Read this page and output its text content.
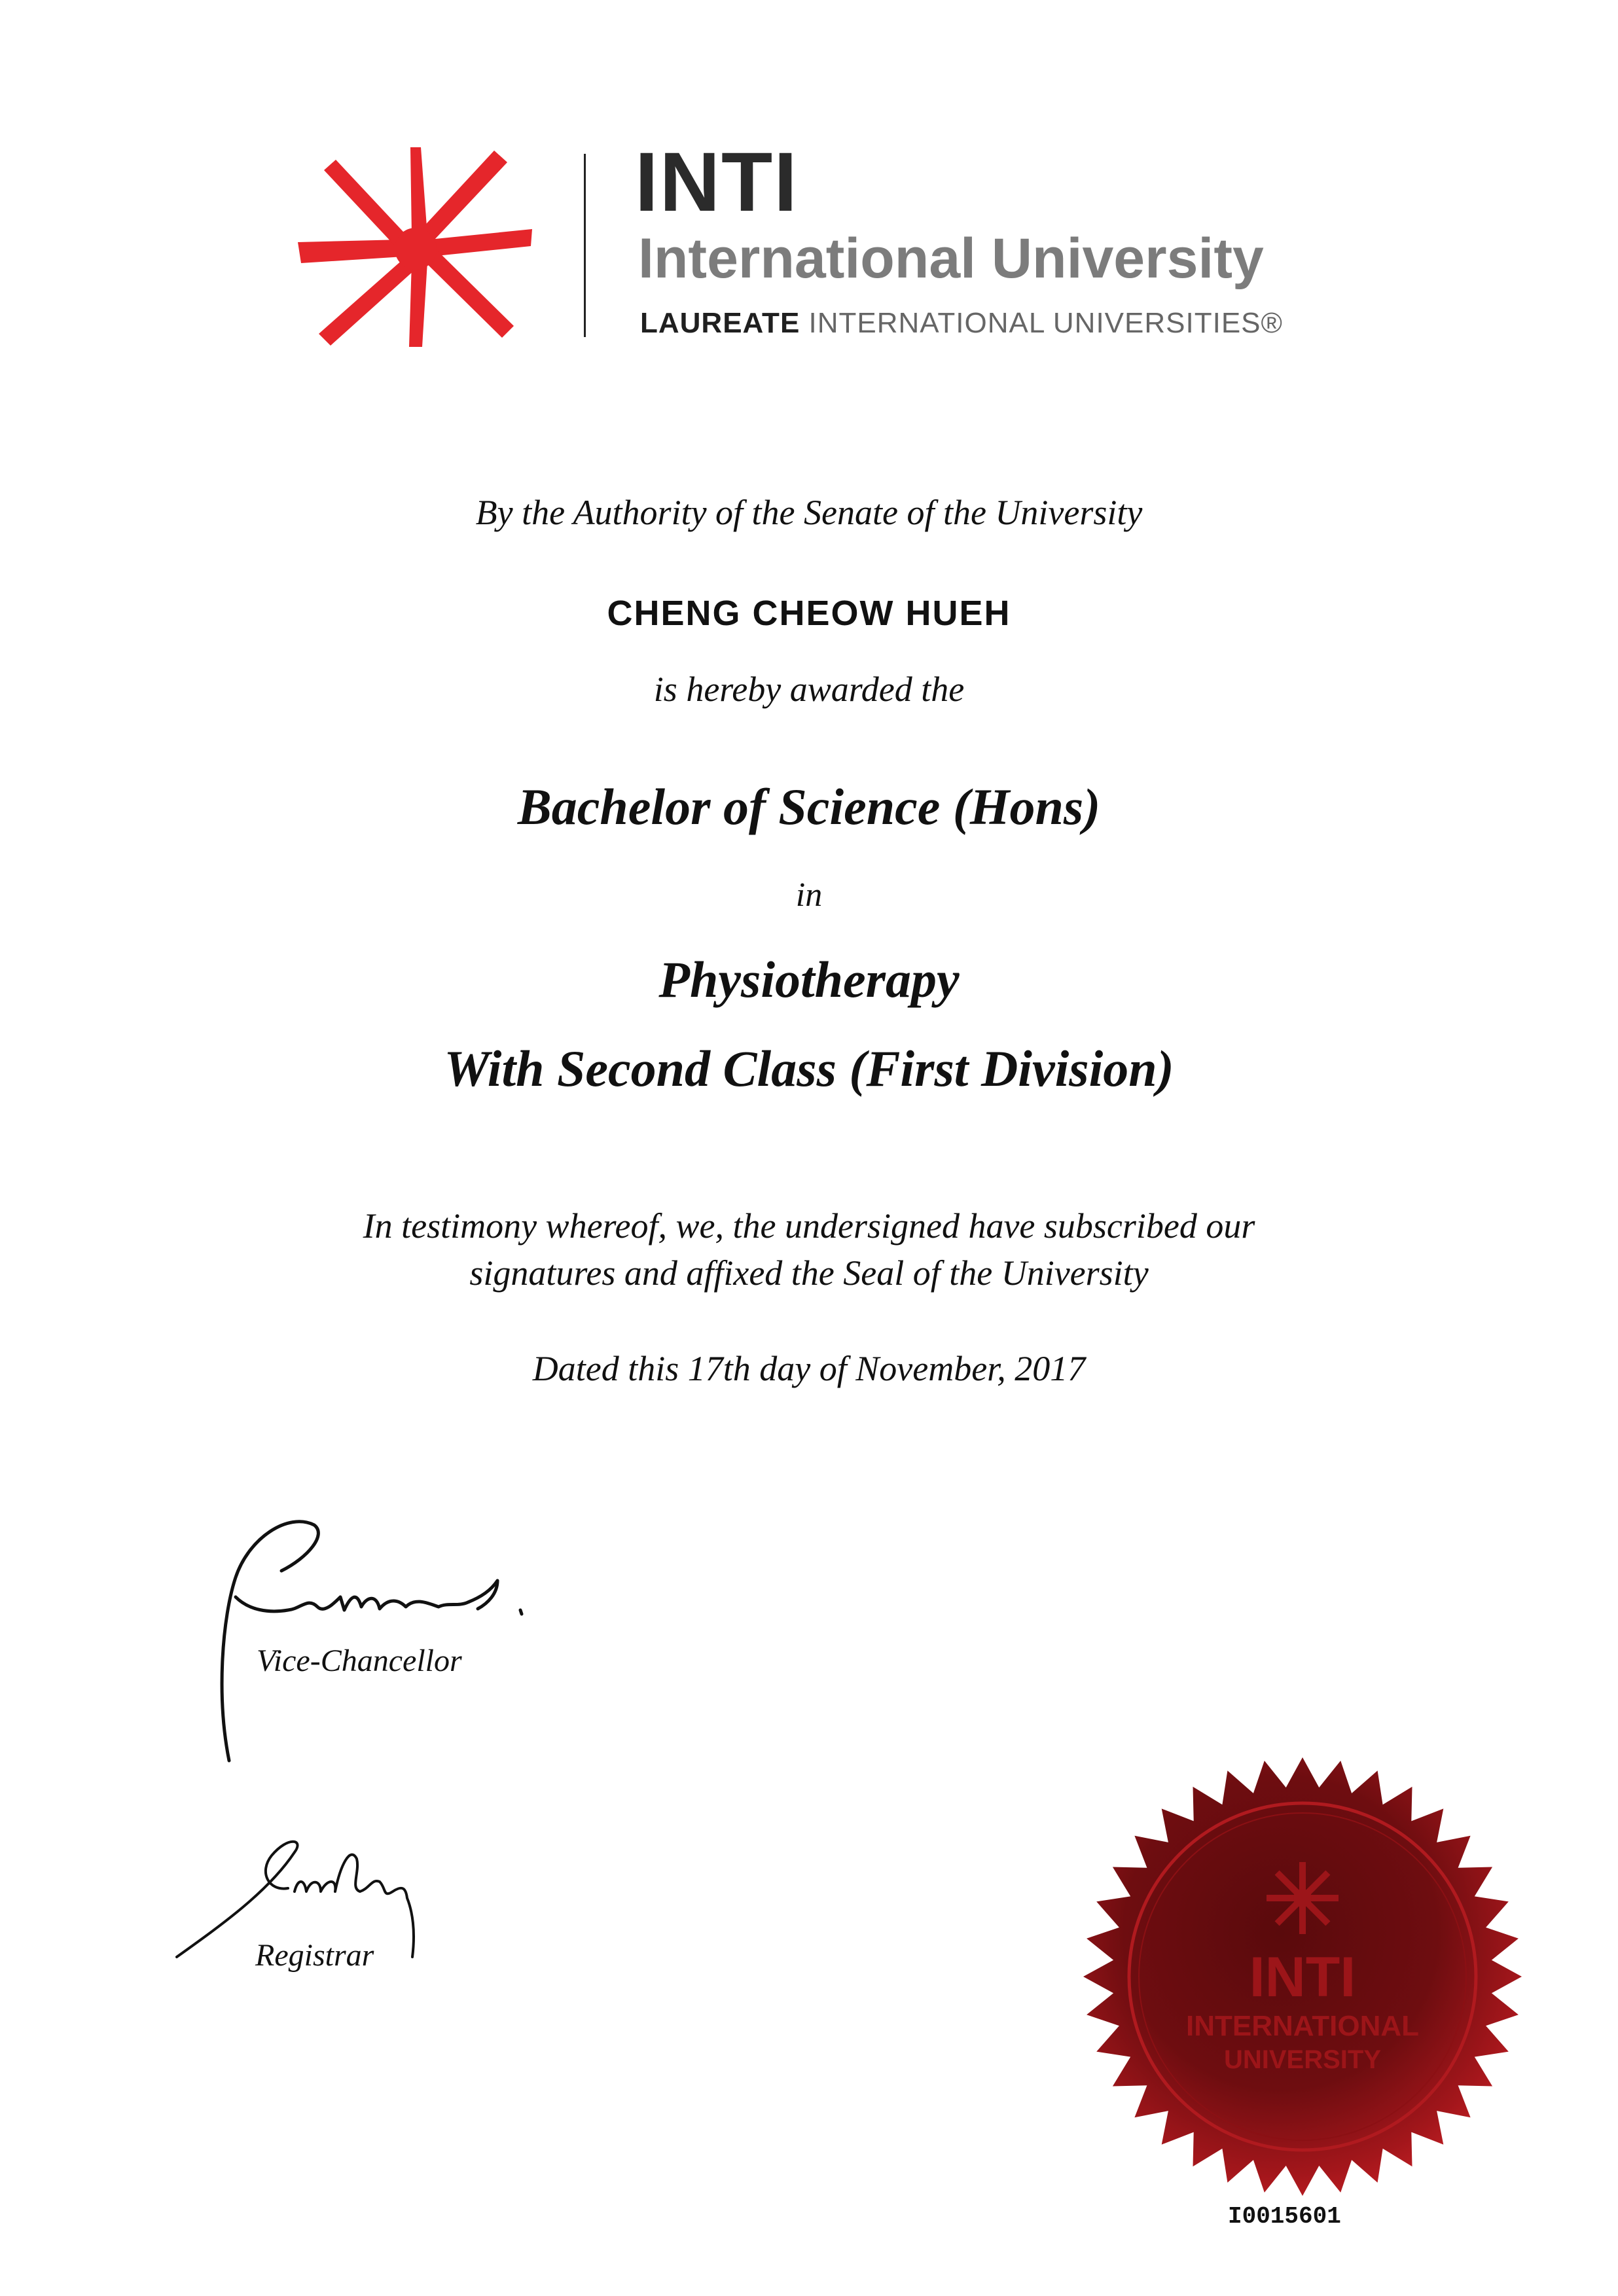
INTI
International University
LAUREATE INTERNATIONAL UNIVERSITIES®
By the Authority of the Senate of the University
CHENG CHEOW HUEH
is hereby awarded the
Bachelor of Science (Hons)
in
Physiotherapy
With Second Class (First Division)
In testimony whereof, we, the undersigned have subscribed our
signatures and affixed the Seal of the University
Dated this 17th day of November, 2017
Vice-Chancellor
Registrar	INTI
INTERNATIONAL
UNIVERSITY
I0015601
